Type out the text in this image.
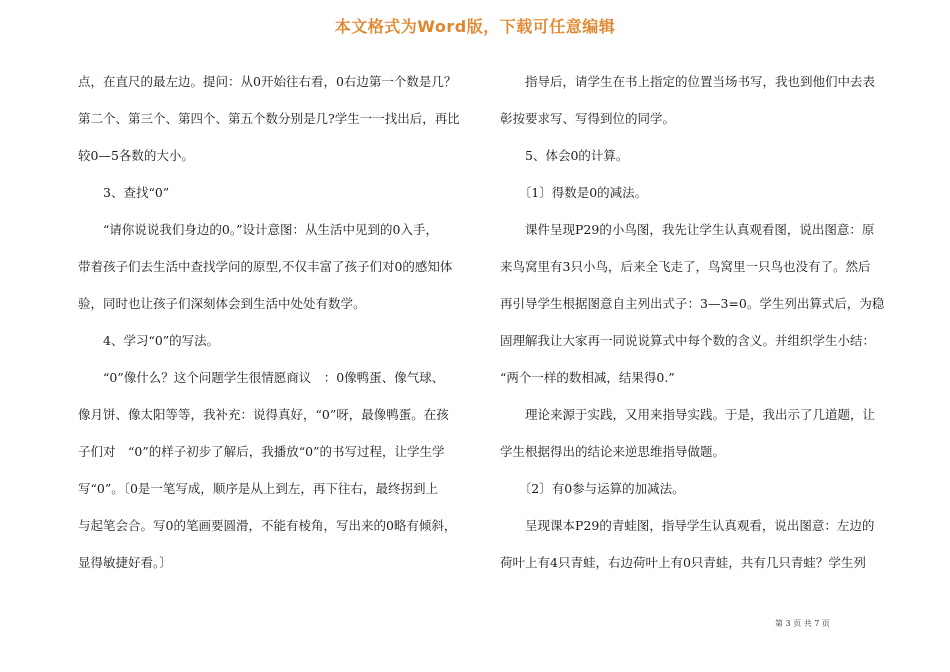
本文格式为Word版，下载可任意编辑

点，在直尺的最左边。提问：从0开始往右看，0右边第一个数是几？

第二个、第三个、第四个、第五个数分别是几?学生一一找出后，再比

较0—5各数的大小。

　　3、查找“0”

　　“请你说说我们身边的0。”设计意图：从生活中见到的0入手，

带着孩子们去生活中查找学问的原型,不仅丰富了孩子们对0的感知体

验，同时也让孩子们深刻体会到生活中处处有数学。

　　4、学习“0”的写法。

　　“0”像什么？这个问题学生很情愿商议　：0像鸭蛋、像气球、

像月饼、像太阳等等，我补充：说得真好，“0”呀，最像鸭蛋。在孩

子们对　“0”的样子初步了解后，我播放“0”的书写过程，让学生学

写“0”。〔0是一笔写成，顺序是从上到左，再下往右，最终拐到上

与起笔会合。写0的笔画要圆滑，不能有棱角，写出来的0略有倾斜，

显得敏捷好看。〕

　　指导后，请学生在书上指定的位置当场书写，我也到他们中去表

彰按要求写、写得到位的同学。

　　5、体会0的计算。

　　〔1〕得数是0的减法。

　　课件呈现P29的小鸟图，我先让学生认真观看图，说出图意：原

来鸟窝里有3只小鸟，后来全飞走了，鸟窝里一只鸟也没有了。然后

再引导学生根据图意自主列出式子：3—3=0。学生列出算式后，为稳

固理解我让大家再一同说说算式中每个数的含义。并组织学生小结：

“两个一样的数相减，结果得0.”

　　理论来源于实践，又用来指导实践。于是，我出示了几道题，让

学生根据得出的结论来逆思维指导做题。

　　〔2〕有0参与运算的加减法。

　　呈现课本P29的青蛙图，指导学生认真观看，说出图意：左边的

荷叶上有4只青蛙，右边荷叶上有0只青蛙，共有几只青蛙？学生列

第 3 页 共 7 页
